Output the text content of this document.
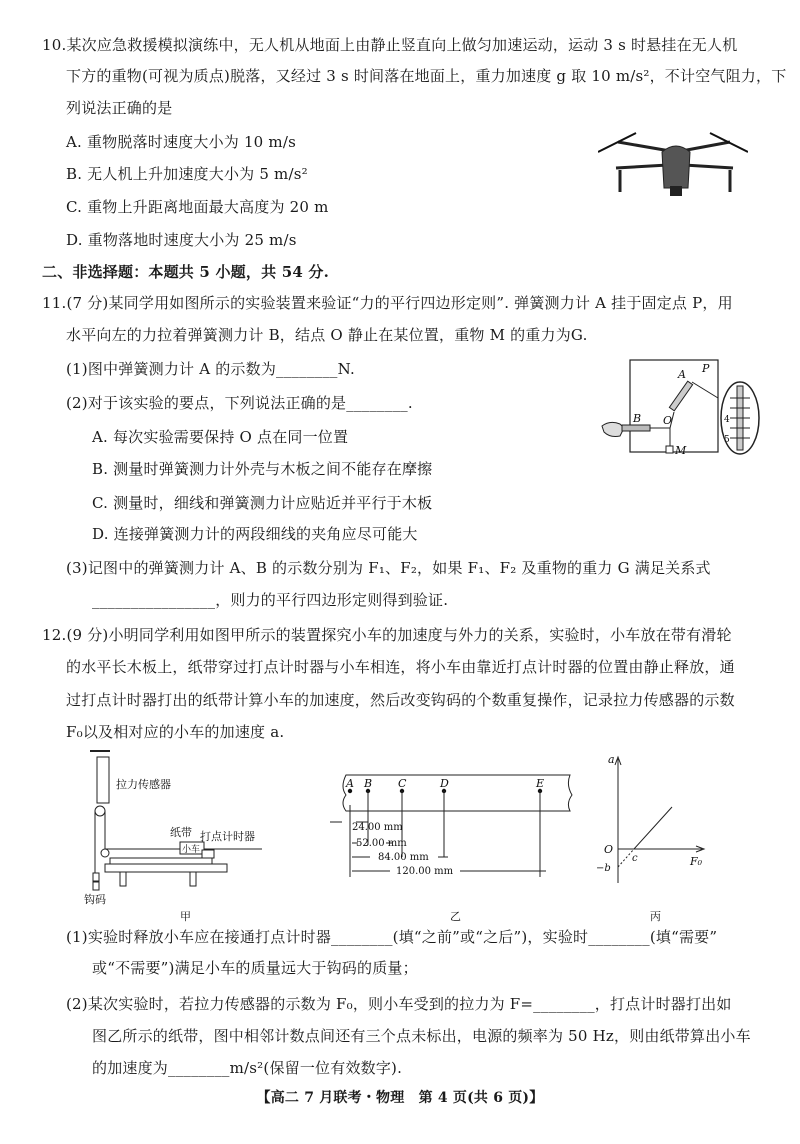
10.某次应急救援模拟演练中，无人机从地面上由静止竖直向上做匀加速运动，运动 3 s 时悬挂在无人机
下方的重物(可视为质点)脱落，又经过 3 s 时间落在地面上，重力加速度 g 取 10 m/s²，不计空气阻力，下
列说法正确的是
A. 重物脱落时速度大小为 10 m/s
B. 无人机上升加速度大小为 5 m/s²
C. 重物上升距离地面最大高度为 20 m
D. 重物落地时速度大小为 25 m/s
二、非选择题：本题共 5 小题，共 54 分.
11.(7 分)某同学用如图所示的实验装置来验证“力的平行四边形定则”. 弹簧测力计 A 挂于固定点 P，用
水平向左的力拉着弹簧测力计 B，结点 O 静止在某位置，重物 M 的重力为G.
(1)图中弹簧测力计 A 的示数为________N.
(2)对于该实验的要点，下列说法正确的是________.
A. 每次实验需要保持 O 点在同一位置
B. 测量时弹簧测力计外壳与木板之间不能存在摩擦
C. 测量时，细线和弹簧测力计应贴近并平行于木板
D. 连接弹簧测力计的两段细线的夹角应尽可能大
(3)记图中的弹簧测力计 A、B 的示数分别为 F₁、F₂，如果 F₁、F₂ 及重物的重力 G 满足关系式
________________，则力的平行四边形定则得到验证.
A P
B O
M
4
5
12.(9 分)小明同学利用如图甲所示的装置探究小车的加速度与外力的关系，实验时，小车放在带有滑轮
的水平长木板上，纸带穿过打点计时器与小车相连，将小车由靠近打点计时器的位置由静止释放，通
过打点计时器打出的纸带计算小车的加速度，然后改变钩码的个数重复操作，记录拉力传感器的示数
F₀以及相对应的小车的加速度 a.
拉力传感器
纸带 打点计时器
小车
钩码
甲
A B C	D	E
24.00 mm
52.00 mm
84.00 mm
120.00 mm
乙
a
F₀
O
c
−b
丙
(1)实验时释放小车应在接通打点计时器________(填“之前”或“之后”)，实验时________(填“需要”
或“不需要”)满足小车的质量远大于钩码的质量；
(2)某次实验时，若拉力传感器的示数为 F₀，则小车受到的拉力为 F=________，打点计时器打出如
图乙所示的纸带，图中相邻计数点间还有三个点未标出，电源的频率为 50 Hz，则由纸带算出小车
的加速度为________m/s²(保留一位有效数字).
【高二 7 月联考・物理　第 4 页(共 6 页)】
